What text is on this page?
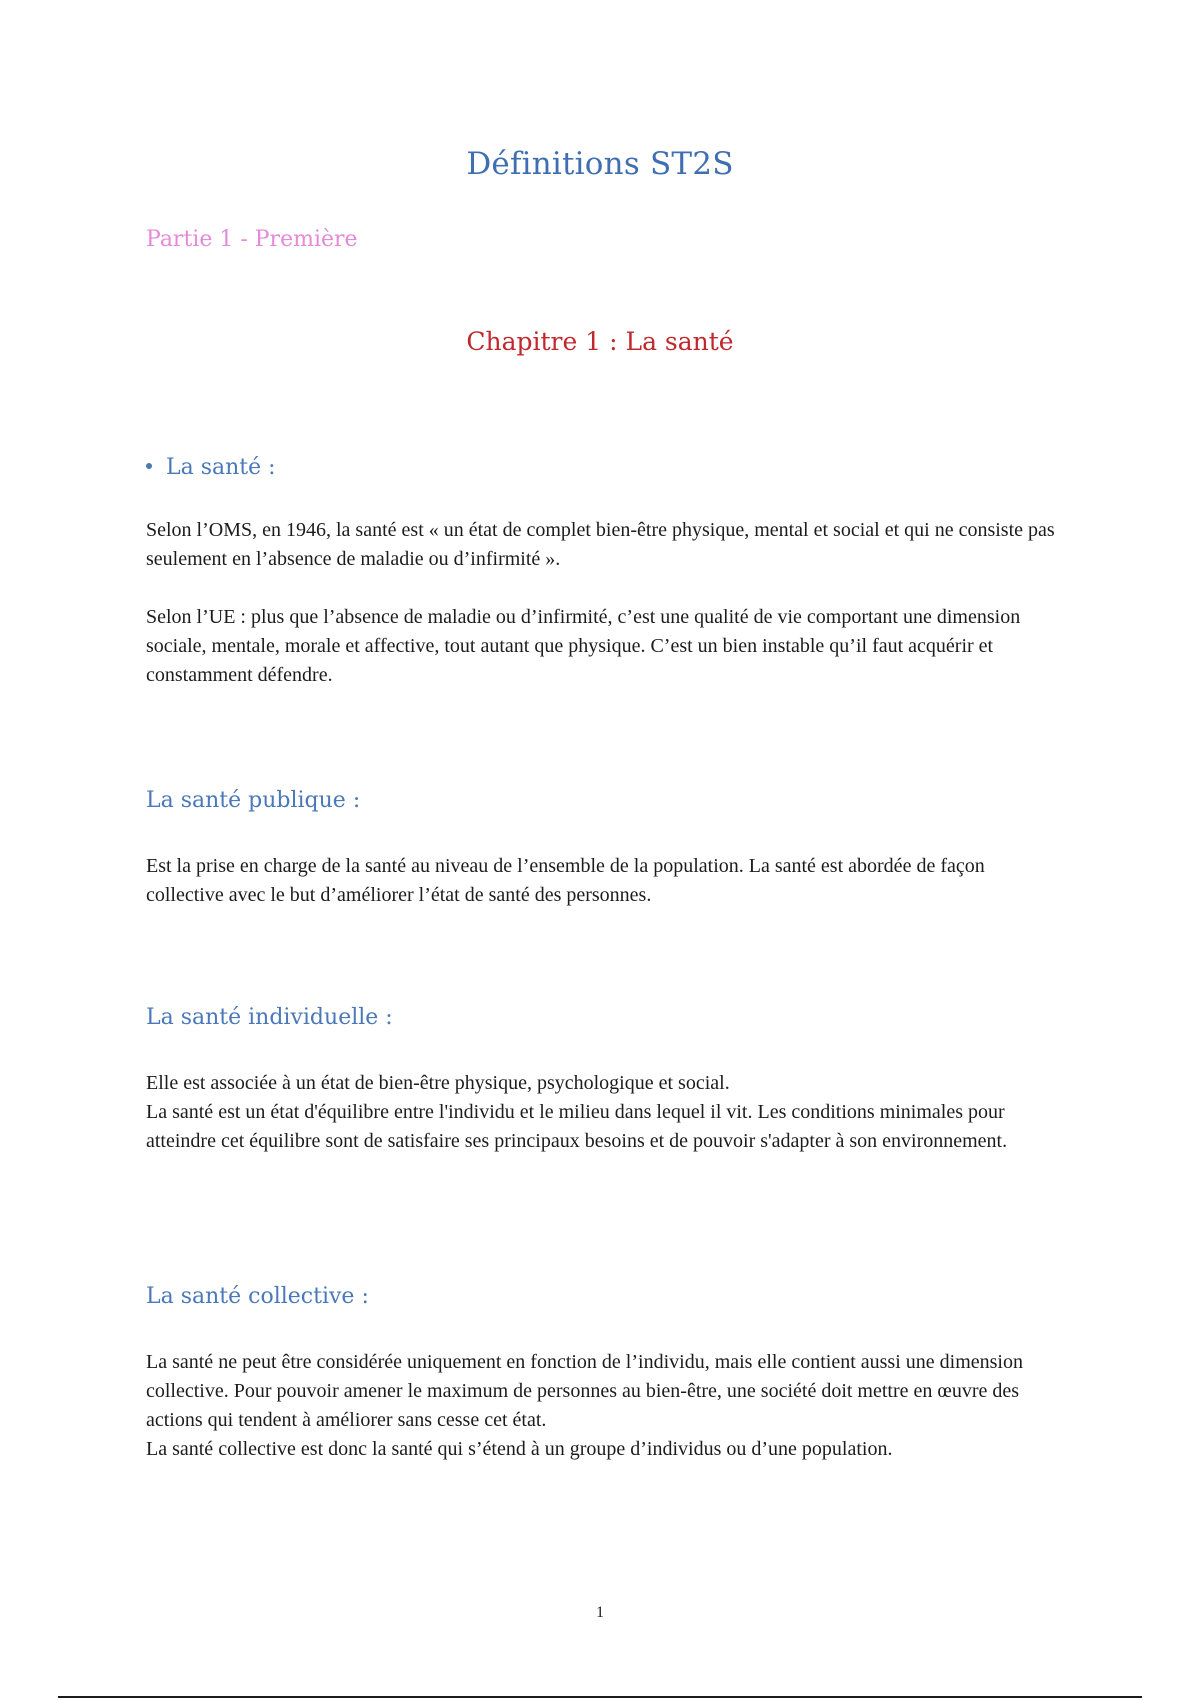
Définitions ST2S
Partie 1 - Première
Chapitre 1 : La santé
La santé :

Selon l’OMS, en 1946, la santé est « un état de complet bien-être physique, mental et social et qui ne consiste pas seulement en l’absence de maladie ou d’infirmité ».

Selon l’UE : plus que l’absence de maladie ou d’infirmité, c’est une qualité de vie comportant une dimension sociale, mentale, morale et affective, tout autant que physique. C’est un bien instable qu’il faut acquérir et constamment défendre.

La santé publique :

Est la prise en charge de la santé au niveau de l’ensemble de la population. La santé est abordée de façon collective avec le but d’améliorer l’état de santé des personnes.

La santé individuelle :

Elle est associée à un état de bien-être physique, psychologique et social.

La santé est un état d'équilibre entre l'individu et le milieu dans lequel il vit. Les conditions minimales pour atteindre cet équilibre sont de satisfaire ses principaux besoins et de pouvoir s'adapter à son environnement.

La santé collective :

La santé ne peut être considérée uniquement en fonction de l’individu, mais elle contient aussi une dimension collective. Pour pouvoir amener le maximum de personnes au bien-être, une société doit mettre en œuvre des actions qui tendent à améliorer sans cesse cet état.

La santé collective est donc la santé qui s’étend à un groupe d’individus ou d’une population.

1
